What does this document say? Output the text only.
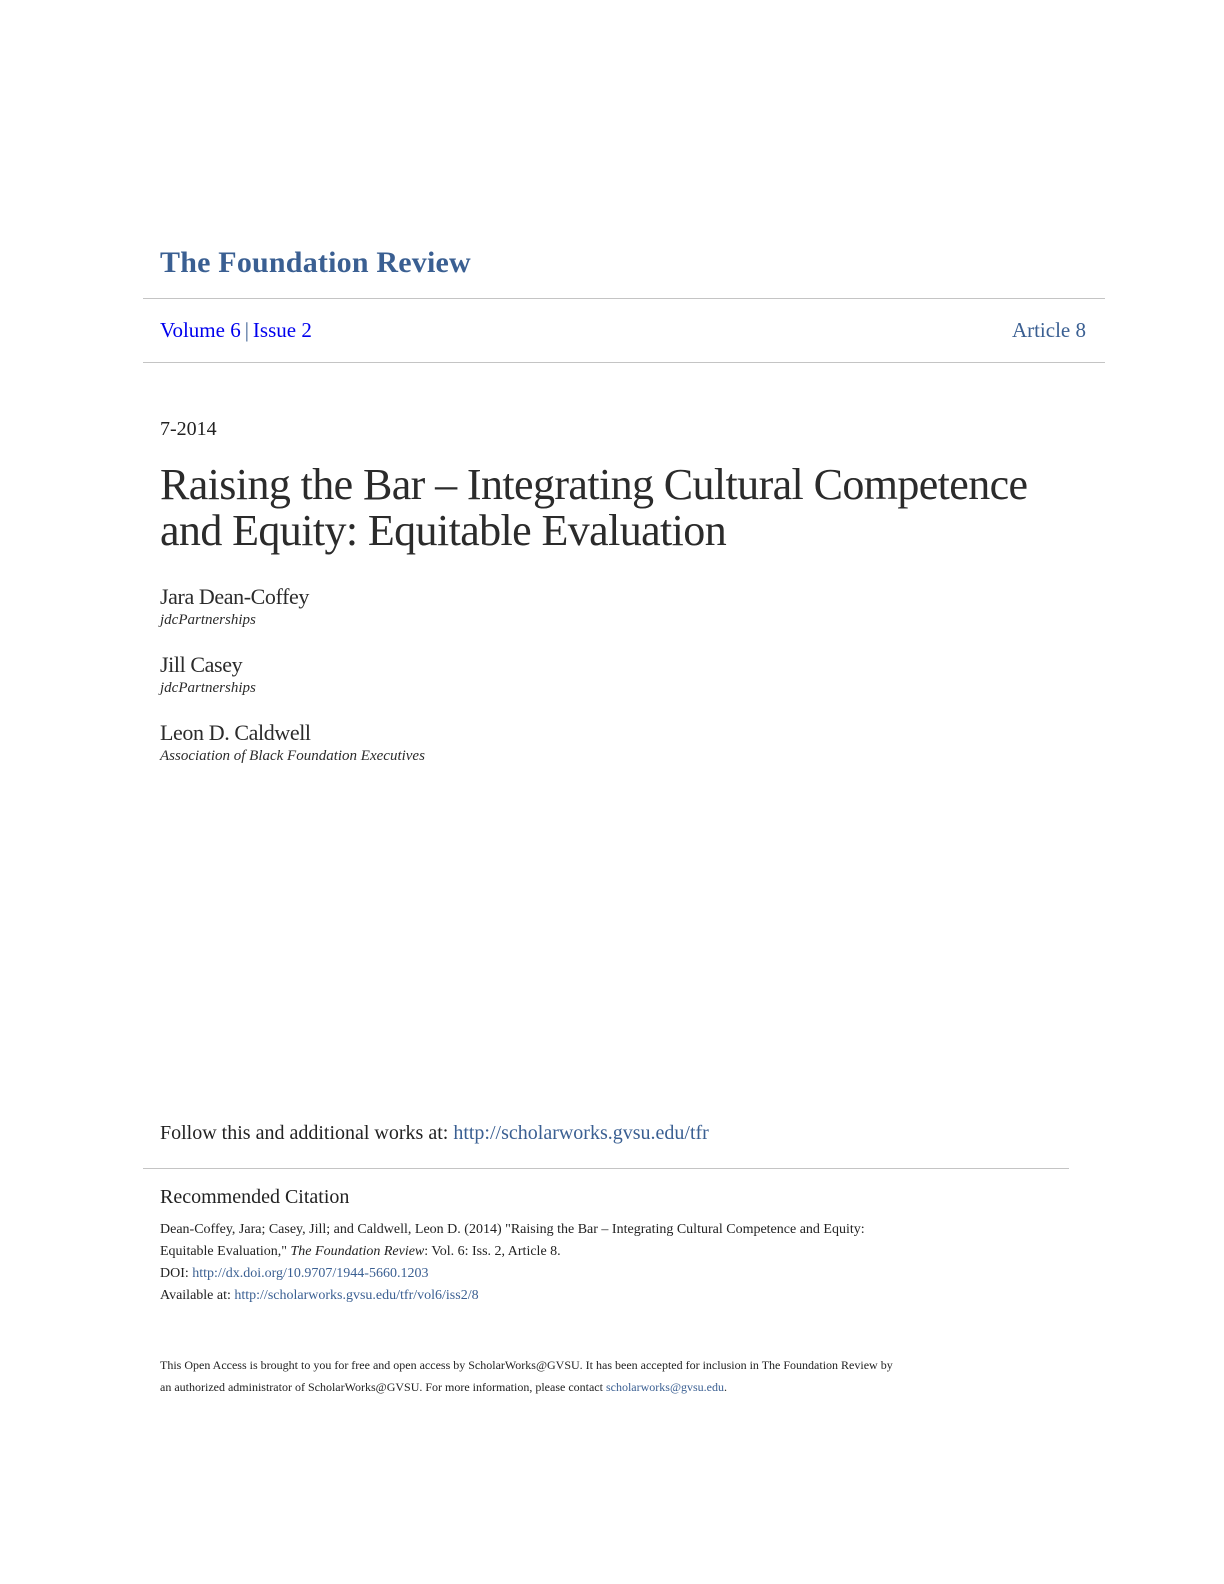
The Foundation Review
Volume 6 | Issue 2	Article 8
7-2014
Raising the Bar – Integrating Cultural Competence
and Equity: Equitable Evaluation
Jara Dean-Coffey
jdcPartnerships
Jill Casey
jdcPartnerships
Leon D. Caldwell
Association of Black Foundation Executives
Follow this and additional works at: http://scholarworks.gvsu.edu/tfr
Recommended Citation
Dean-Coffey, Jara; Casey, Jill; and Caldwell, Leon D. (2014) "Raising the Bar – Integrating Cultural Competence and Equity:
Equitable Evaluation," The Foundation Review: Vol. 6: Iss. 2, Article 8.
DOI: http://dx.doi.org/10.9707/1944-5660.1203
Available at: http://scholarworks.gvsu.edu/tfr/vol6/iss2/8
This Open Access is brought to you for free and open access by ScholarWorks@GVSU. It has been accepted for inclusion in The Foundation Review by
an authorized administrator of ScholarWorks@GVSU. For more information, please contact scholarworks@gvsu.edu.
